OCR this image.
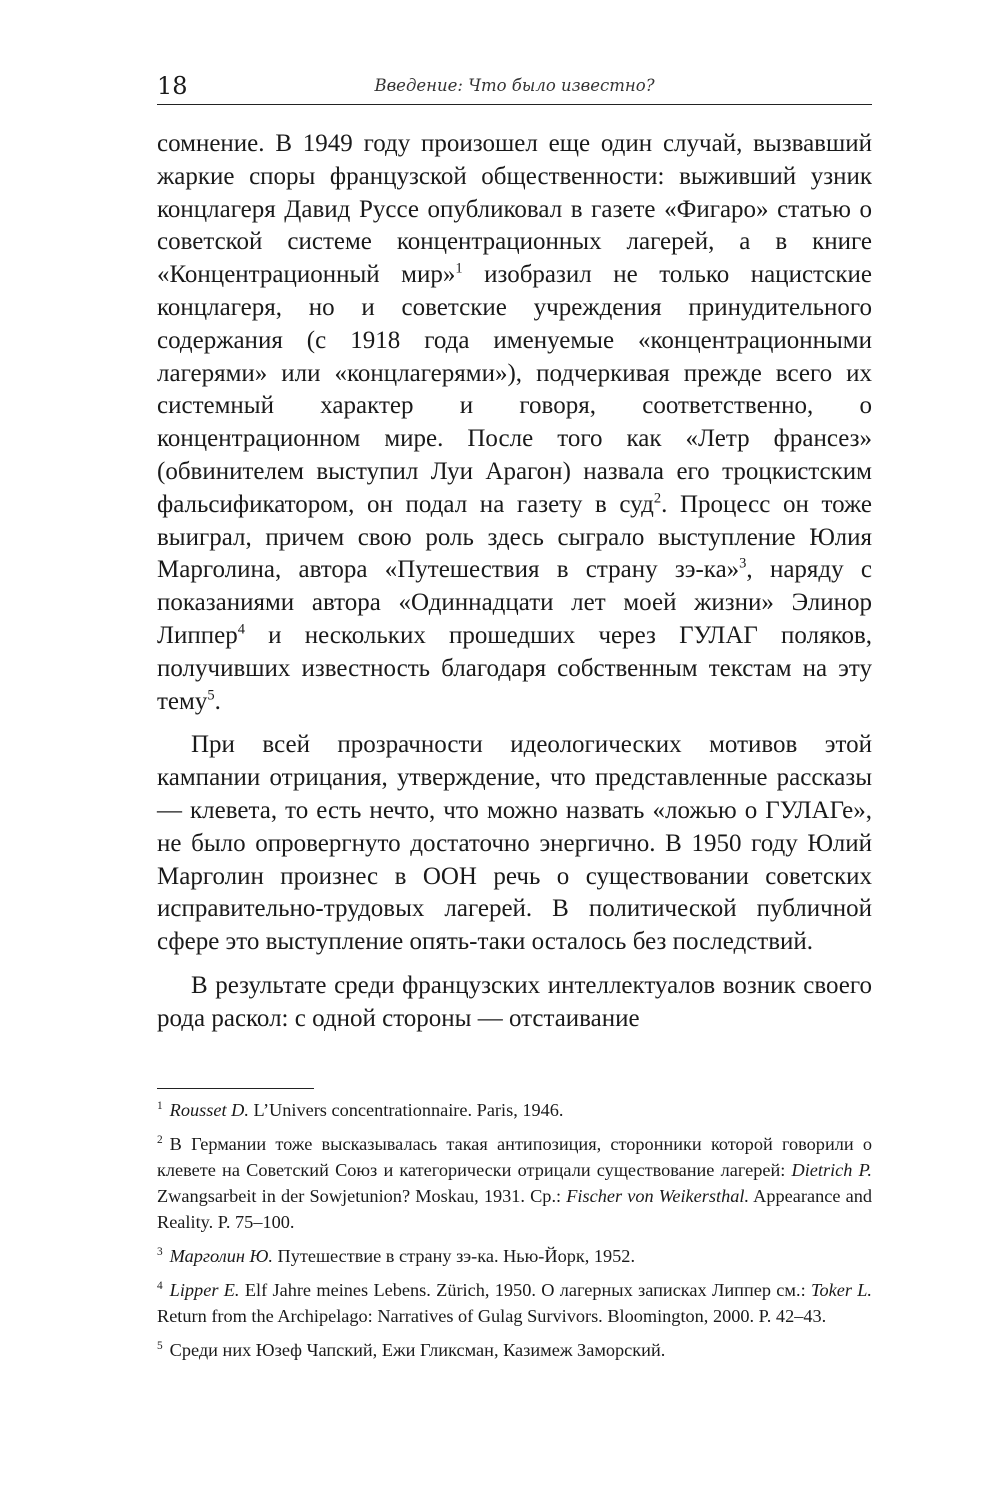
18	Введение: Что было известно?

сомнение. В 1949 году произошел еще один случай, вызвавший жаркие споры французской общественности: выживший узник концлагеря Давид Руссе опубликовал в газете «Фигаро» статью о советской системе концентрационных лагерей, а в книге «Концентрационный мир»$^1$ изобразил не только нацистские концлагеря, но и советские учреждения принудительного содержания (с 1918 года именуемые «концентрационными лагерями» или «концлагерями»), подчеркивая прежде всего их системный характер и говоря, соответственно, о концентрационном мире. После того как «Летр франсез» (обвинителем выступил Луи Арагон) назвала его троцкистским фальсификатором, он подал на газету в суд$^2$. Процесс он тоже выиграл, причем свою роль здесь сыграло выступление Юлия Марголина, автора «Путешествия в страну зэ-ка»$^3$, наряду с показаниями автора «Одиннадцати лет моей жизни» Элинор Липпер$^4$ и нескольких прошедших через ГУЛАГ поляков, получивших известность благодаря собственным текстам на эту тему$^5$.

При всей прозрачности идеологических мотивов этой кампании отрицания, утверждение, что представленные рассказы — клевета, то есть нечто, что можно назвать «ложью о ГУЛАГе», не было опровергнуто достаточно энергично. В 1950 году Юлий Марголин произнес в ООН речь о существовании советских исправительно-трудовых лагерей. В политической публичной сфере это выступление опять-таки осталось без последствий.

В результате среди французских интеллектуалов возник своего рода раскол: с одной стороны — отстаивание

$^1$ Rousset D. L’Univers concentrationnaire. Paris, 1946.

$^2$ В Германии тоже высказывалась такая антипозиция, сторонники которой говорили о клевете на Советский Союз и категорически отрицали существование лагерей: Dietrich P. Zwangsarbeit in der Sowjetunion? Moskau, 1931. Ср.: Fischer von Weikersthal. Appearance and Reality. P. 75–100.

$^3$ Марголин Ю. Путешествие в страну зэ-ка. Нью-Йорк, 1952.

$^4$ Lipper E. Elf Jahre meines Lebens. Zürich, 1950. О лагерных записках Липпер см.: Toker L. Return from the Archipelago: Narratives of Gulag Survivors. Bloomington, 2000. P. 42–43.

$^5$ Среди них Юзеф Чапский, Ежи Гликсман, Казимеж Заморский.
